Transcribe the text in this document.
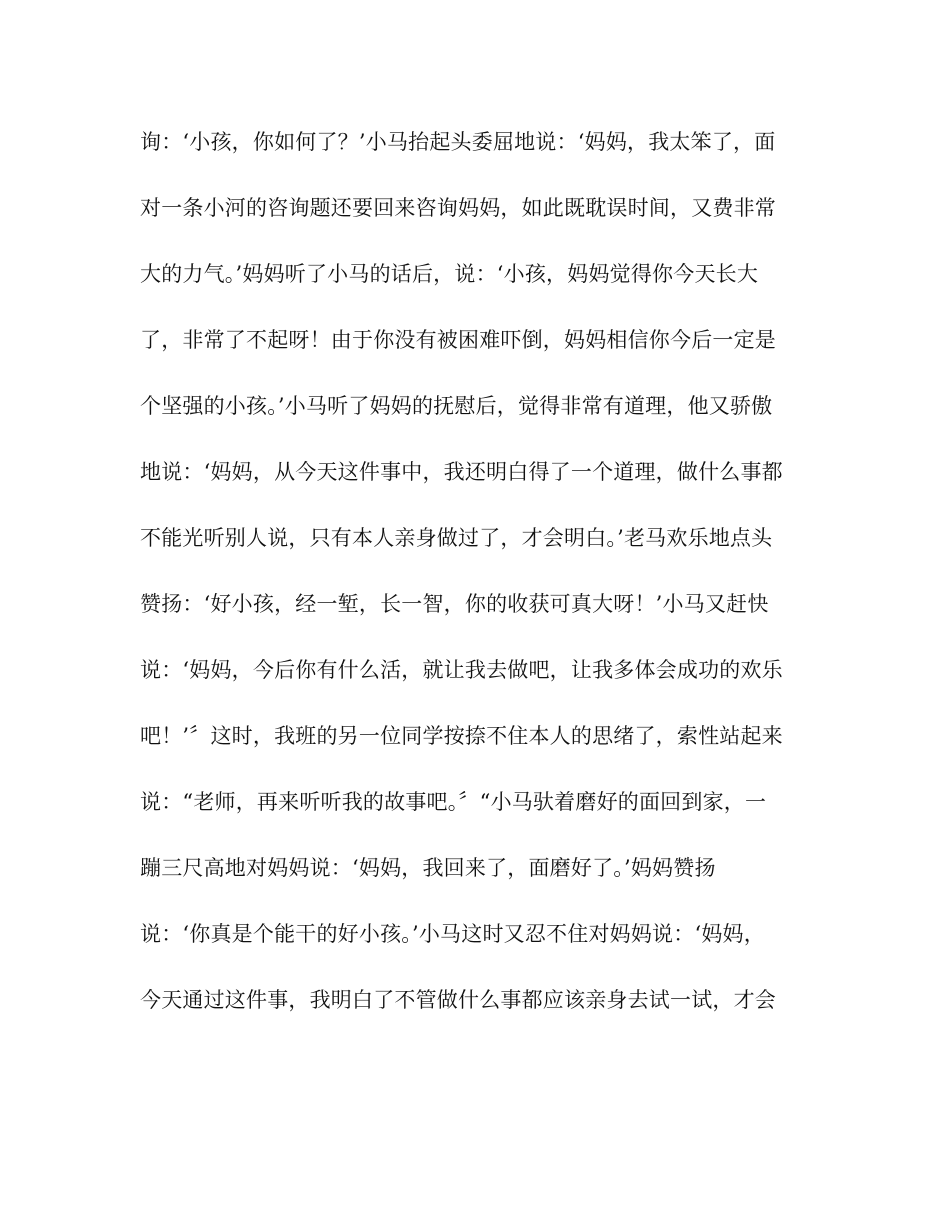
询：‘小孩，你如何了？’小马抬起头委屈地说：‘妈妈，我太笨了，面
对一条小河的咨询题还要回来咨询妈妈，如此既耽误时间，又费非常
大的力气。’妈妈听了小马的话后，说：‘小孩，妈妈觉得你今天长大
了，非常了不起呀！由于你没有被困难吓倒，妈妈相信你今后一定是
个坚强的小孩。’小马听了妈妈的抚慰后，觉得非常有道理，他又骄傲
地说：‘妈妈，从今天这件事中，我还明白得了一个道理，做什么事都
不能光听别人说，只有本人亲身做过了，才会明白。’老马欢乐地点头
赞扬：‘好小孩，经一堑，长一智，你的收获可真大呀！’小马又赶快
说：‘妈妈，今后你有什么活，就让我去做吧，让我多体会成功的欢乐
吧！’〞这时，我班的另一位同学按捺不住本人的思绪了，索性站起来
说：“老师，再来听听我的故事吧。〞“小马驮着磨好的面回到家，一
蹦三尺高地对妈妈说：‘妈妈，我回来了，面磨好了。’妈妈赞扬
说：‘你真是个能干的好小孩。’小马这时又忍不住对妈妈说：‘妈妈，
今天通过这件事，我明白了不管做什么事都应该亲身去试一试，才会
